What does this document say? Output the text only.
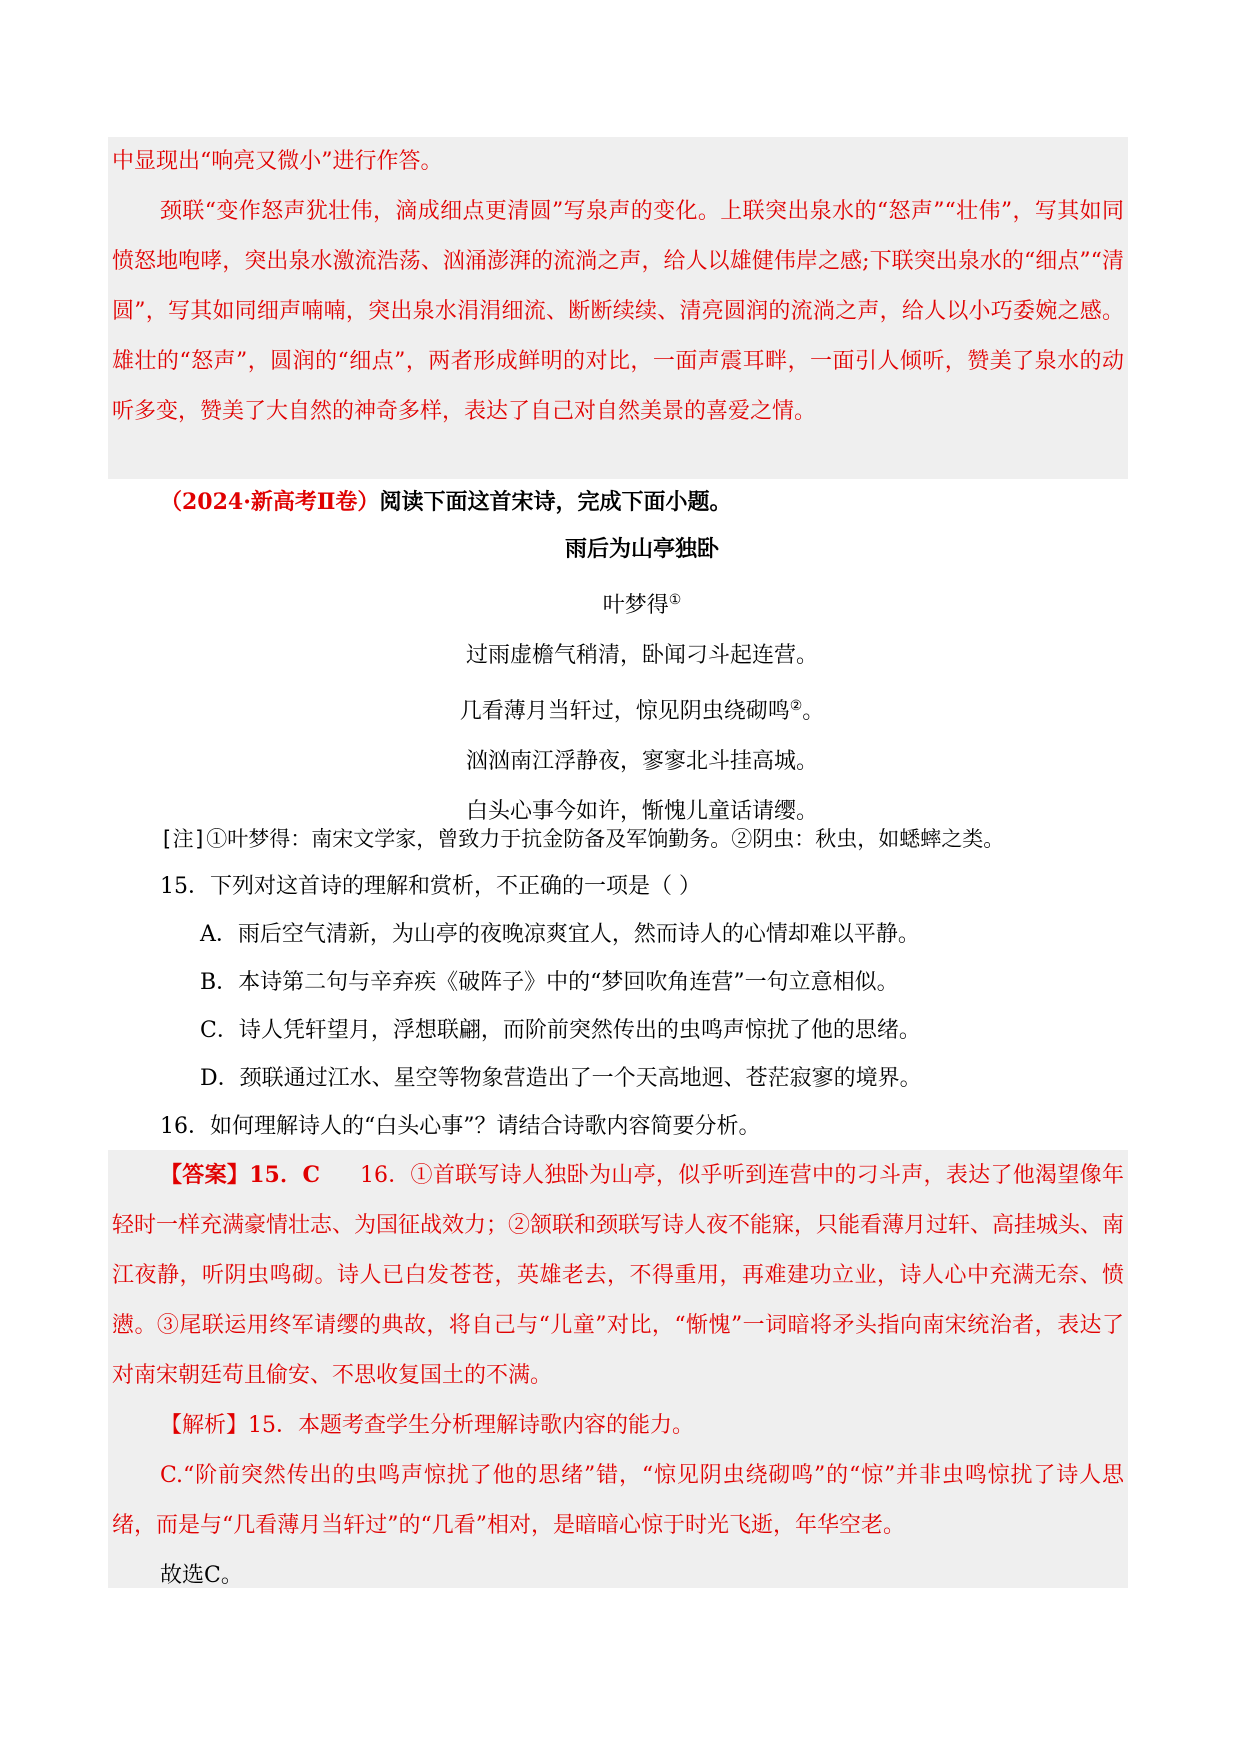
中显现出“响亮又微小”进行作答。
颈联“变作怒声犹壮伟，滴成细点更清圆”写泉声的变化。上联突出泉水的“怒声”“壮伟”，写其如同愤怒地咆哮，突出泉水激流浩荡、汹涌澎湃的流淌之声，给人以雄健伟岸之感;下联突出泉水的“细点”“清圆”，写其如同细声喃喃，突出泉水涓涓细流、断断续续、清亮圆润的流淌之声，给人以小巧委婉之感。雄壮的“怒声”，圆润的“细点”，两者形成鲜明的对比，一面声震耳畔，一面引人倾听，赞美了泉水的动听多变，赞美了大自然的神奇多样，表达了自己对自然美景的喜爱之情。
（2024·新高考Ⅱ卷）阅读下面这首宋诗，完成下面小题。
雨后为山亭独卧
叶梦得①
过雨虚檐气稍清，卧闻刁斗起连营。
几看薄月当轩过，惊见阴虫绕砌鸣②。
汹汹南江浮静夜，寥寥北斗挂高城。
白头心事今如许，惭愧儿童话请缨。
[注]①叶梦得：南宋文学家，曾致力于抗金防备及军饷勤务。②阴虫：秋虫，如蟋蟀之类。
15．下列对这首诗的理解和赏析，不正确的一项是（ ）
A．雨后空气清新，为山亭的夜晚凉爽宜人，然而诗人的心情却难以平静。
B．本诗第二句与辛弃疾《破阵子》中的“梦回吹角连营”一句立意相似。
C．诗人凭轩望月，浮想联翩，而阶前突然传出的虫鸣声惊扰了他的思绪。
D．颈联通过江水、星空等物象营造出了一个天高地迥、苍茫寂寥的境界。
16．如何理解诗人的“白头心事”？请结合诗歌内容简要分析。
【答案】15．C 16．①首联写诗人独卧为山亭，似乎听到连营中的刁斗声，表达了他渴望像年轻时一样充满豪情壮志、为国征战效力；②颔联和颈联写诗人夜不能寐，只能看薄月过轩、高挂城头、南江夜静，听阴虫鸣砌。诗人已白发苍苍，英雄老去，不得重用，再难建功立业，诗人心中充满无奈、愤懑。③尾联运用终军请缨的典故，将自己与“儿童”对比，“惭愧”一词暗将矛头指向南宋统治者，表达了对南宋朝廷苟且偷安、不思收复国土的不满。
【解析】15．本题考查学生分析理解诗歌内容的能力。
C.“阶前突然传出的虫鸣声惊扰了他的思绪”错，“惊见阴虫绕砌鸣”的“惊”并非虫鸣惊扰了诗人思绪，而是与“几看薄月当轩过”的“几看”相对，是暗暗心惊于时光飞逝，年华空老。
故选C。
